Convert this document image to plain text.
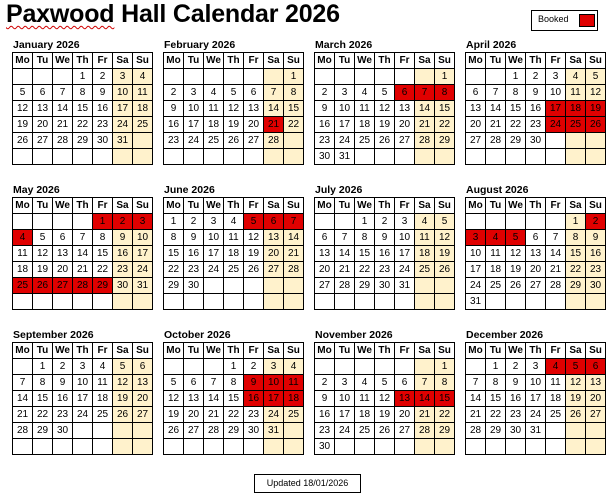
Paxwood Hall Calendar 2026	Booked
January 2026
Mo	Tu	We	Th	Fr	Sa	Su
			1	2	3	4
5	6	7	8	9	10	11
12	13	14	15	16	17	18
19	20	21	22	23	24	25
26	27	28	29	30	31	

February 2026
Mo	Tu	We	Th	Fr	Sa	Su
						1
2	3	4	5	6	7	8
9	10	11	12	13	14	15
16	17	18	19	20	21	22
23	24	25	26	27	28	

March 2026
Mo	Tu	We	Th	Fr	Sa	Su
						1
2	3	4	5	6	7	8
9	10	11	12	13	14	15
16	17	18	19	20	21	22
23	24	25	26	27	28	29
30	31					
April 2026
Mo	Tu	We	Th	Fr	Sa	Su
		1	2	3	4	5
6	7	8	9	10	11	12
13	14	15	16	17	18	19
20	21	22	23	24	25	26
27	28	29	30			

May 2026
Mo	Tu	We	Th	Fr	Sa	Su
				1	2	3
4	5	6	7	8	9	10
11	12	13	14	15	16	17
18	19	20	21	22	23	24
25	26	27	28	29	30	31

June 2026
Mo	Tu	We	Th	Fr	Sa	Su
1	2	3	4	5	6	7
8	9	10	11	12	13	14
15	16	17	18	19	20	21
22	23	24	25	26	27	28
29	30					

July 2026
Mo	Tu	We	Th	Fr	Sa	Su
		1	2	3	4	5
6	7	8	9	10	11	12
13	14	15	16	17	18	19
20	21	22	23	24	25	26
27	28	29	30	31		

August 2026
Mo	Tu	We	Th	Fr	Sa	Su
					1	2
3	4	5	6	7	8	9
10	11	12	13	14	15	16
17	18	19	20	21	22	23
24	25	26	27	28	29	30
31						
September 2026
Mo	Tu	We	Th	Fr	Sa	Su
	1	2	3	4	5	6
7	8	9	10	11	12	13
14	15	16	17	18	19	20
21	22	23	24	25	26	27
28	29	30				

October 2026
Mo	Tu	We	Th	Fr	Sa	Su
			1	2	3	4
5	6	7	8	9	10	11
12	13	14	15	16	17	18
19	20	21	22	23	24	25
26	27	28	29	30	31	

November 2026
Mo	Tu	We	Th	Fr	Sa	Su
						1
2	3	4	5	6	7	8
9	10	11	12	13	14	15
16	17	18	19	20	21	22
23	24	25	26	27	28	29
30						
December 2026
Mo	Tu	We	Th	Fr	Sa	Su
	1	2	3	4	5	6
7	8	9	10	11	12	13
14	15	16	17	18	19	20
21	22	23	24	25	26	27
28	29	30	31			

Updated 18/01/2026
